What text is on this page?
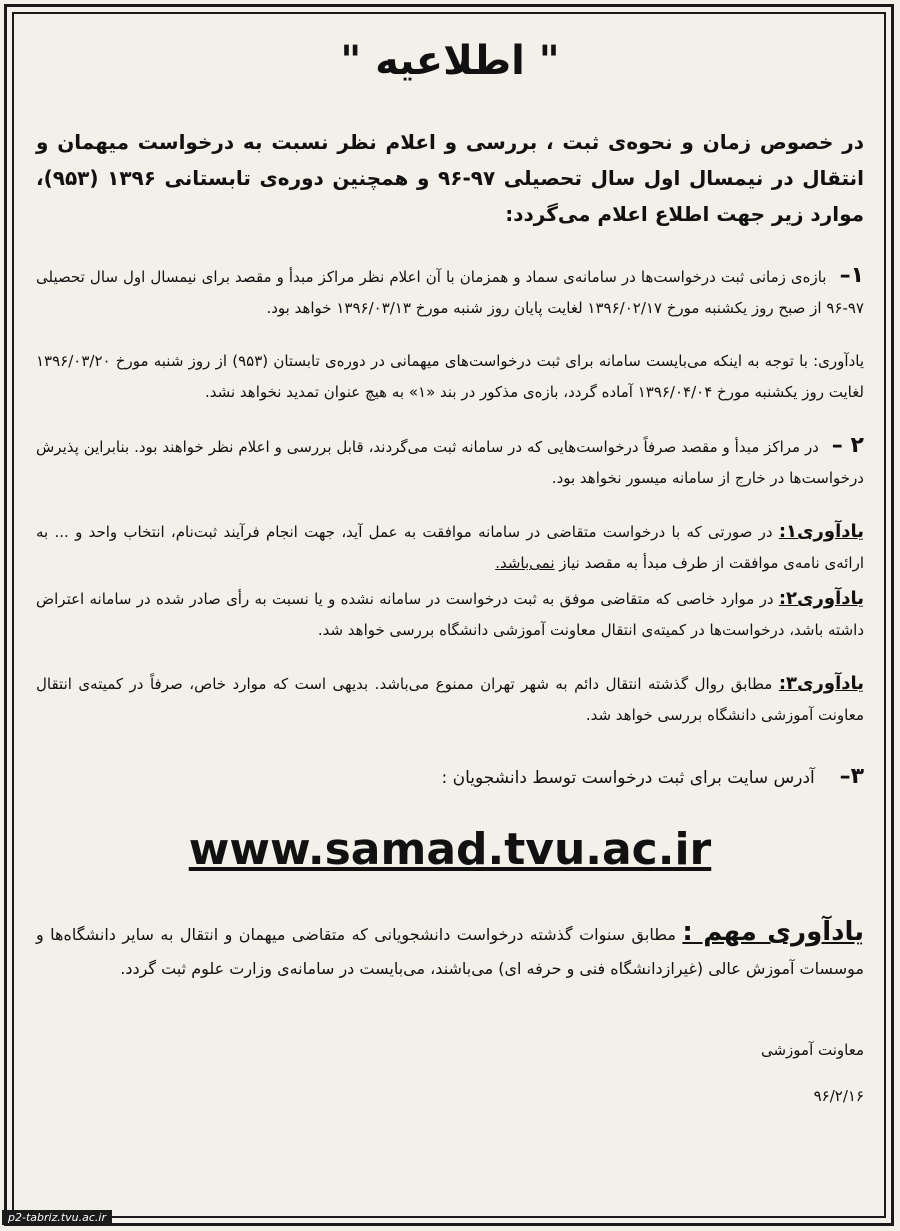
" اطلاعیه "

در خصوص زمان و نحوه‌ی ثبت ، بررسی و اعلام نظر نسبت به درخواست میهمان و انتقال در نیمسال اول سال تحصیلی ۹۷-۹۶ و همچنین دوره‌ی تابستانی ۱۳۹۶ (۹۵۳)، موارد زیر جهت اطلاع اعلام می‌گردد:

۱– بازه‌ی زمانی ثبت درخواست‌ها در سامانه‌ی سماد و همزمان با آن اعلام نظر مراکز مبدأ و مقصد برای نیمسال اول سال تحصیلی ۹۷-۹۶ از صبح روز یکشنبه مورخ ۱۳۹۶/۰۲/۱۷ لغایت پایان روز شنبه مورخ ۱۳۹۶/۰۳/۱۳ خواهد بود.

یادآوری: با توجه به اینکه می‌بایست سامانه برای ثبت درخواست‌های میهمانی در دوره‌ی تابستان (۹۵۳) از روز شنبه مورخ ۱۳۹۶/۰۳/۲۰ لغایت روز یکشنبه مورخ ۱۳۹۶/۰۴/۰۴ آماده گردد، بازه‌ی مذکور در بند «۱» به هیچ عنوان تمدید نخواهد نشد.

۲ – در مراکز مبدأ و مقصد صرفاً درخواست‌هایی که در سامانه ثبت می‌گردند، قابل بررسی و اعلام نظر خواهند بود. بنابراین پذیرش درخواست‌ها در خارج از سامانه میسور نخواهد بود.

یادآوری۱: در صورتی که با درخواست متقاضی در سامانه موافقت به عمل آید، جهت انجام فرآیند ثبت‌نام، انتخاب واحد و ... به ارائه‌ی نامه‌ی موافقت از طرف مبدأ به مقصد نیاز نمی‌باشد.

یادآوری۲: در موارد خاصی که متقاضی موفق به ثبت درخواست در سامانه نشده و یا نسبت به رأی صادر شده در سامانه اعتراض داشته باشد، درخواست‌ها در کمیته‌ی انتقال معاونت آموزشی دانشگاه بررسی خواهد شد.

یادآوری۳: مطابق روال گذشته انتقال دائم به شهر تهران ممنوع می‌باشد. بدیهی است که موارد خاص، صرفاً در کمیته‌ی انتقال معاونت آموزشی دانشگاه بررسی خواهد شد.

۳– آدرس سایت برای ثبت درخواست توسط دانشجویان :

www.samad.tvu.ac.ir

یادآوری مهم : مطابق سنوات گذشته درخواست دانشجویانی که متقاضی میهمان و انتقال به سایر دانشگاه‌ها و موسسات آموزش عالی (غیرازدانشگاه فنی و حرفه ای) می‌باشند، می‌بایست در سامانه‌ی وزارت علوم ثبت گردد.

معاونت آموزشی
۹۶/۲/۱۶
p2-tabriz.tvu.ac.ir
